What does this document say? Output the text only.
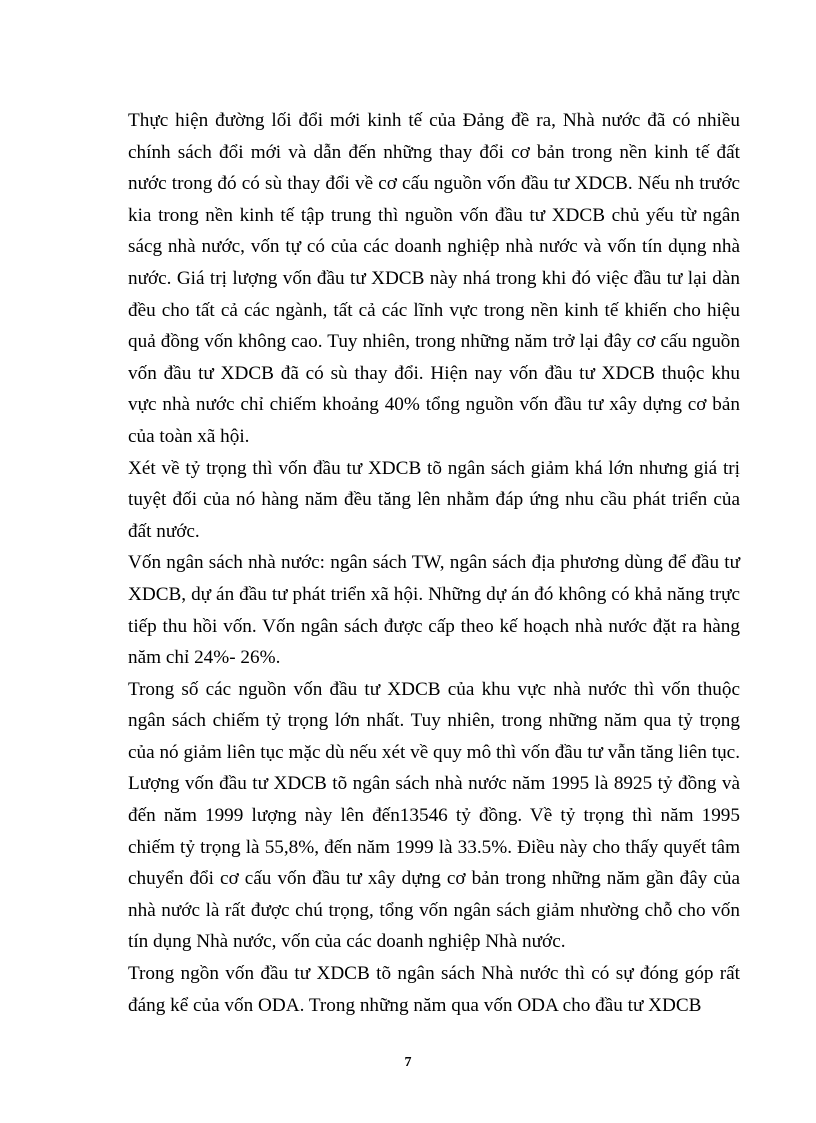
Thực hiện đường lối đổi mới kinh tế của Đảng đề ra, Nhà nước đã có nhiều chính sách đổi mới và dẫn đến những thay đổi cơ bản trong nền kinh tế đất nước trong đó có sù thay đổi về cơ cấu nguồn vốn đầu tư XDCB. Nếu nh trước kia trong nền kinh tế tập trung thì nguồn vốn đầu tư XDCB chủ yếu từ ngân sácg nhà nước, vốn tự có của các doanh nghiệp nhà nước và vốn tín dụng nhà nước. Giá trị lượng vốn đầu tư XDCB này nhá trong khi đó việc đầu tư lại dàn đều cho tất cả các ngành, tất cả các lĩnh vực trong nền kinh tế khiến cho hiệu quả đồng vốn không cao. Tuy nhiên, trong những năm trở lại đây cơ cấu nguồn vốn đầu tư XDCB đã có sù thay đổi. Hiện nay vốn đầu tư XDCB thuộc khu vực nhà nước chỉ chiếm khoảng 40% tổng nguồn vốn đầu tư xây dựng cơ bản của toàn xã hội.

Xét về tỷ trọng thì vốn đầu tư XDCB tõ ngân sách giảm khá lớn nhưng giá trị tuyệt đối của nó hàng năm đều tăng lên nhằm đáp ứng nhu cầu phát triển của đất nước.

Vốn ngân sách nhà nước: ngân sách TW, ngân sách địa phương dùng để đầu tư XDCB, dự án đầu tư phát triển xã hội. Những dự án đó không có khả năng trực tiếp thu hồi vốn. Vốn ngân sách được cấp theo kế hoạch nhà nước đặt ra hàng năm chỉ 24%- 26%.

Trong số các nguồn vốn đầu tư XDCB của khu vực nhà nước thì vốn thuộc ngân sách chiếm tỷ trọng lớn nhất. Tuy nhiên, trong những năm qua tỷ trọng của nó giảm liên tục mặc dù nếu xét về quy mô thì vốn đầu tư vẫn tăng liên tục. Lượng vốn đầu tư XDCB tõ ngân sách nhà nước năm 1995 là 8925 tỷ đồng và đến năm 1999 lượng này lên đến13546 tỷ đồng. Về tỷ trọng thì năm 1995 chiếm tỷ trọng là 55,8%, đến năm 1999 là 33.5%. Điều này cho thấy quyết tâm chuyển đổi cơ cấu vốn đầu tư xây dựng cơ bản trong những năm gần đây của nhà nước là rất được chú trọng, tổng vốn ngân sách giảm nhường chỗ cho vốn tín dụng Nhà nước, vốn của các doanh nghiệp Nhà nước.

Trong ngồn vốn đầu tư XDCB tõ ngân sách Nhà nước thì có sự đóng góp rất đáng kể của vốn ODA. Trong những năm qua vốn ODA cho đầu tư XDCB

7
